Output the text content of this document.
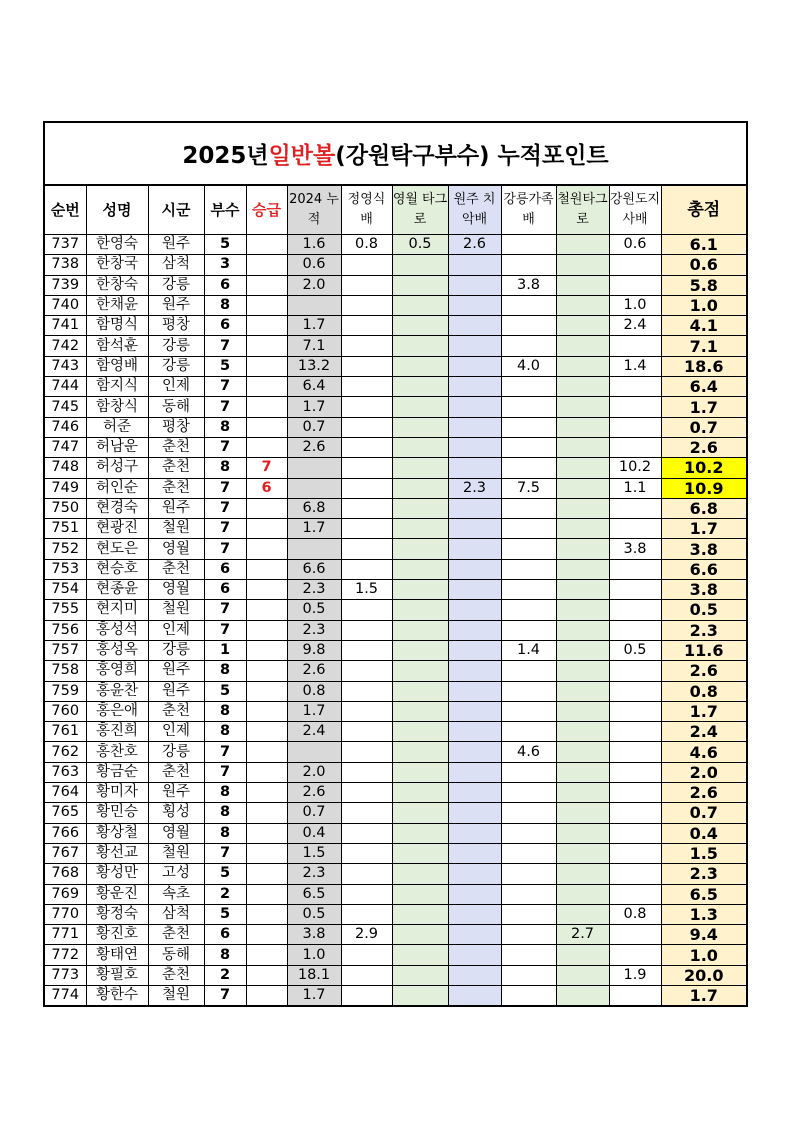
2025년 일반볼 (강원탁구부수) 누적포인트
순번	성명	시군	부수	승급	2024 누적	정영식배	영월 타그로	원주 치악배	강릉가족배	철원타그로	강원도지사배	총점
737	한영숙	원주	5		1.6	0.8	0.5	2.6			0.6	6.1
738	한창국	삼척	3		0.6							0.6
739	한창숙	강릉	6		2.0				3.8			5.8
740	한채윤	원주	8								1.0	1.0
741	함명식	평창	6		1.7						2.4	4.1
742	함석훈	강릉	7		7.1							7.1
743	함영배	강릉	5		13.2				4.0		1.4	18.6
744	함지식	인제	7		6.4							6.4
745	함창식	동해	7		1.7							1.7
746	허준	평창	8		0.7							0.7
747	허남운	춘천	7		2.6							2.6
748	허성구	춘천	8	7							10.2	10.2
749	허인순	춘천	7	6				2.3	7.5		1.1	10.9
750	현경숙	원주	7		6.8							6.8
751	현광진	철원	7		1.7							1.7
752	현도은	영월	7								3.8	3.8
753	현승호	춘천	6		6.6							6.6
754	현종윤	영월	6		2.3	1.5						3.8
755	현지미	철원	7		0.5							0.5
756	홍성석	인제	7		2.3							2.3
757	홍성옥	강릉	1		9.8				1.4		0.5	11.6
758	홍영희	원주	8		2.6							2.6
759	홍윤찬	원주	5		0.8							0.8
760	홍은애	춘천	8		1.7							1.7
761	홍진희	인제	8		2.4							2.4
762	홍찬호	강릉	7						4.6			4.6
763	황금순	춘천	7		2.0							2.0
764	황미자	원주	8		2.6							2.6
765	황민승	횡성	8		0.7							0.7
766	황상철	영월	8		0.4							0.4
767	황선교	철원	7		1.5							1.5
768	황성만	고성	5		2.3							2.3
769	황운진	속초	2		6.5							6.5
770	황정숙	삼척	5		0.5						0.8	1.3
771	황진호	춘천	6		3.8	2.9				2.7		9.4
772	황태연	동해	8		1.0							1.0
773	황필호	춘천	2		18.1						1.9	20.0
774	황한수	철원	7		1.7							1.7
